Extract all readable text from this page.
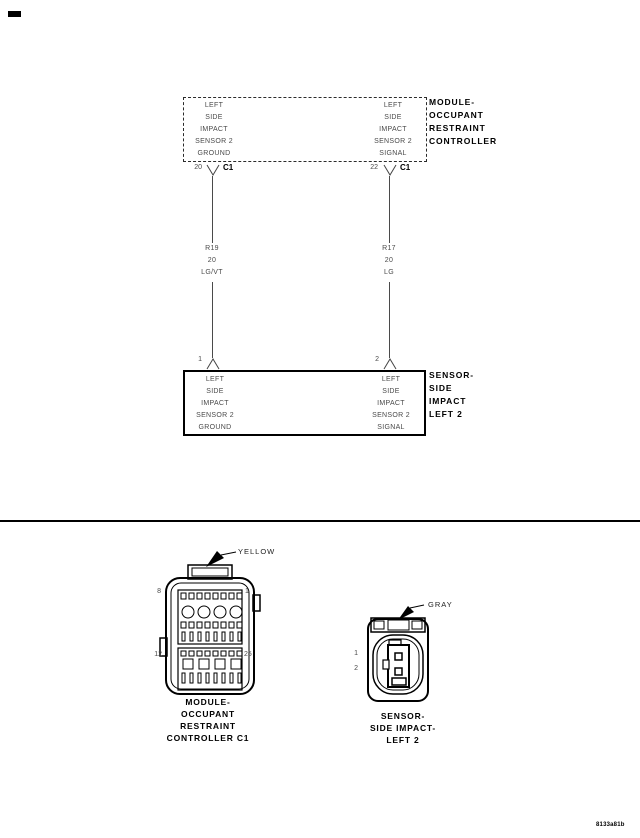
LEFT
SIDE
IMPACT
SENSOR 2
GROUND
LEFT
SIDE
IMPACT
SENSOR 2
SIGNAL
MODULE-
OCCUPANT
RESTRAINT
CONTROLLER
20	C1	22	C1
R19
20
LG/VT
R17
20
LG
1	2
LEFT
SIDE
IMPACT
SENSOR 2
GROUND
LEFT
SIDE
IMPACT
SENSOR 2
SIGNAL
SENSOR-
SIDE
IMPACT
LEFT 2
YELLOW
8	1
12	25
MODULE-
OCCUPANT
RESTRAINT
CONTROLLER C1
GRAY
1
2
SENSOR-
SIDE IMPACT-
LEFT 2
8133a81b
